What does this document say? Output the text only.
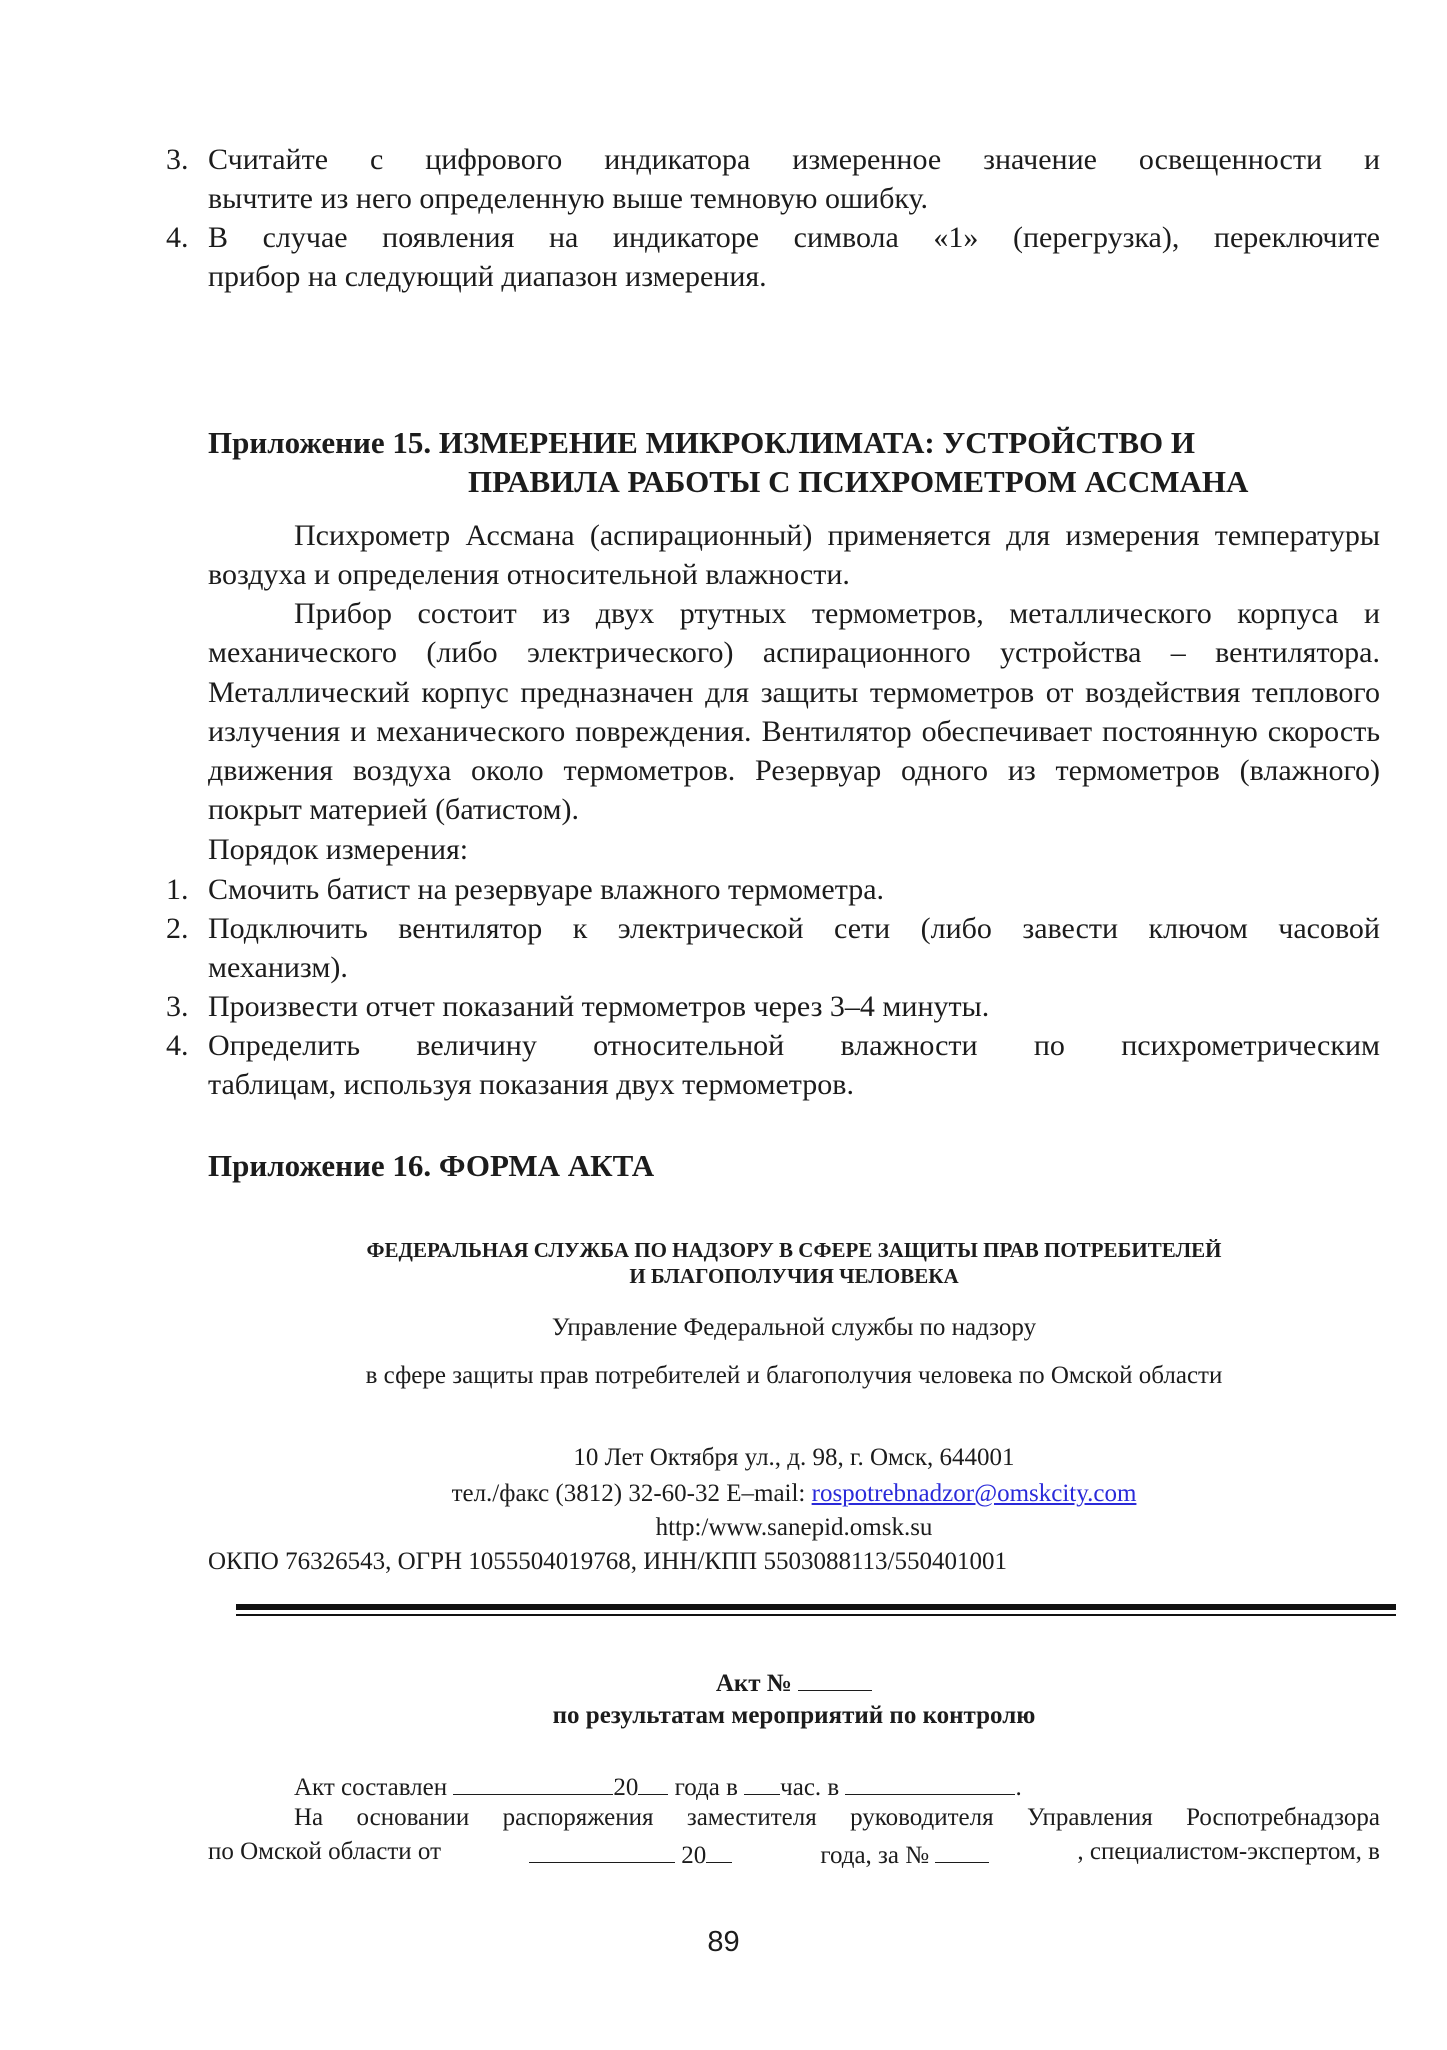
3. Считайте с цифрового индикатора измеренное значение освещенности и
вычтите из него определенную выше темновую ошибку.
4. В случае появления на индикаторе символа «1» (перегрузка), переключите
прибор на следующий диапазон измерения.
Приложение 15. ИЗМЕРЕНИЕ МИКРОКЛИМАТА: УСТРОЙСТВО И
ПРАВИЛА РАБОТЫ С ПСИХРОМЕТРОМ АССМАНА
Психрометр Ассмана (аспирационный) применяется для измерения температуры воздуха и определения относительной влажности.
Прибор состоит из двух ртутных термометров, металлического корпуса и механического (либо электрического) аспирационного устройства – вентилятора. Металлический корпус предназначен для защиты термометров от воздействия теплового излучения и механического повреждения. Вентилятор обеспечивает постоянную скорость движения воздуха около термометров. Резервуар одного из термометров (влажного) покрыт материей (батистом).
Порядок измерения:
1. Смочить батист на резервуаре влажного термометра.
2. Подключить вентилятор к электрической сети (либо завести ключом часовой
механизм).
3. Произвести отчет показаний термометров через 3–4 минуты.
4. Определить величину относительной влажности по психрометрическим
таблицам, используя показания двух термометров.
Приложение 16. ФОРМА АКТА
ФЕДЕРАЛЬНАЯ СЛУЖБА ПО НАДЗОРУ В СФЕРЕ ЗАЩИТЫ ПРАВ ПОТРЕБИТЕЛЕЙ
И БЛАГОПОЛУЧИЯ ЧЕЛОВЕКА
Управление Федеральной службы по надзору
в сфере защиты прав потребителей и благополучия человека по Омской области
10 Лет Октября ул., д. 98, г. Омск, 644001
тел./факс (3812) 32-60-32 E–mail: rospotrebnadzor@omskcity.com
http:/www.sanepid.omsk.su
ОКПО 76326543, ОГРН 1055504019768, ИНН/КПП 5503088113/550401001
Акт №
по результатам мероприятий по контролю
Акт составлен	20 года в час. в	.
На основании распоряжения заместителя руководителя Управления Роспотребнадзора
по Омской области от	20	года, за №	, специалистом-экспертом, в
89
